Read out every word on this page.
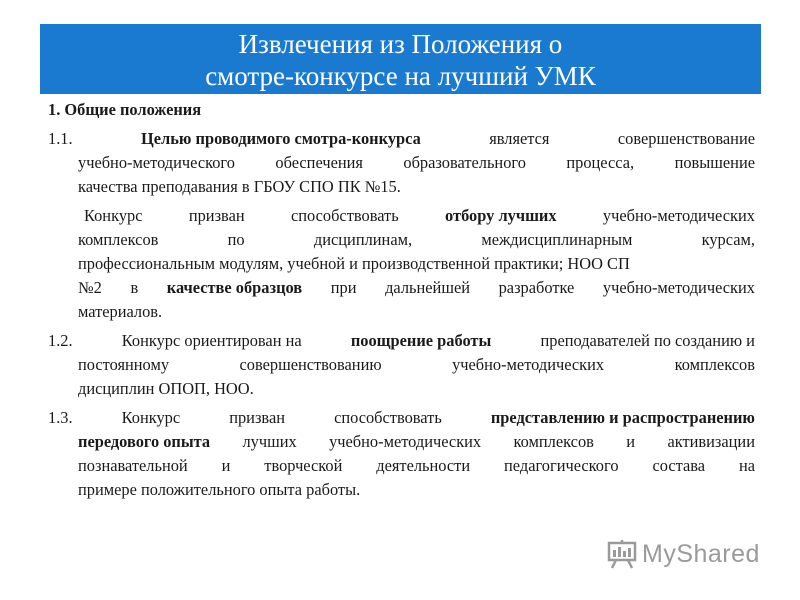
Извлечения из Положения о
смотре-конкурсе на лучший УМК
1. Общие положения
1.1.	Целью проводимого смотра-конкурса	является	совершенствование
учебно-методического обеспечения образовательного процесса, повышение
качества преподавания в ГБОУ СПО ПК №15.
Конкурс	призван	способствовать	отбору лучших	учебно-методических
комплексов	по	дисциплинам,	междисциплинарным	курсам,
профессиональным модулям, учебной и производственной практики; НОО СП
№2 в качестве образцов при дальнейшей разработке учебно-методических
материалов.
1.2.	Конкурс ориентирован на	поощрение работы	преподавателей по созданию и
постоянному	совершенствованию	учебно-методических	комплексов
дисциплин ОПОП, НОО.
1.3.	Конкурс	призван	способствовать	представлению и распространению
передового опыта лучших учебно-методических комплексов и активизации
познавательной и творческой деятельности педагогического состава на
примере положительного опыта работы.
MyShared
